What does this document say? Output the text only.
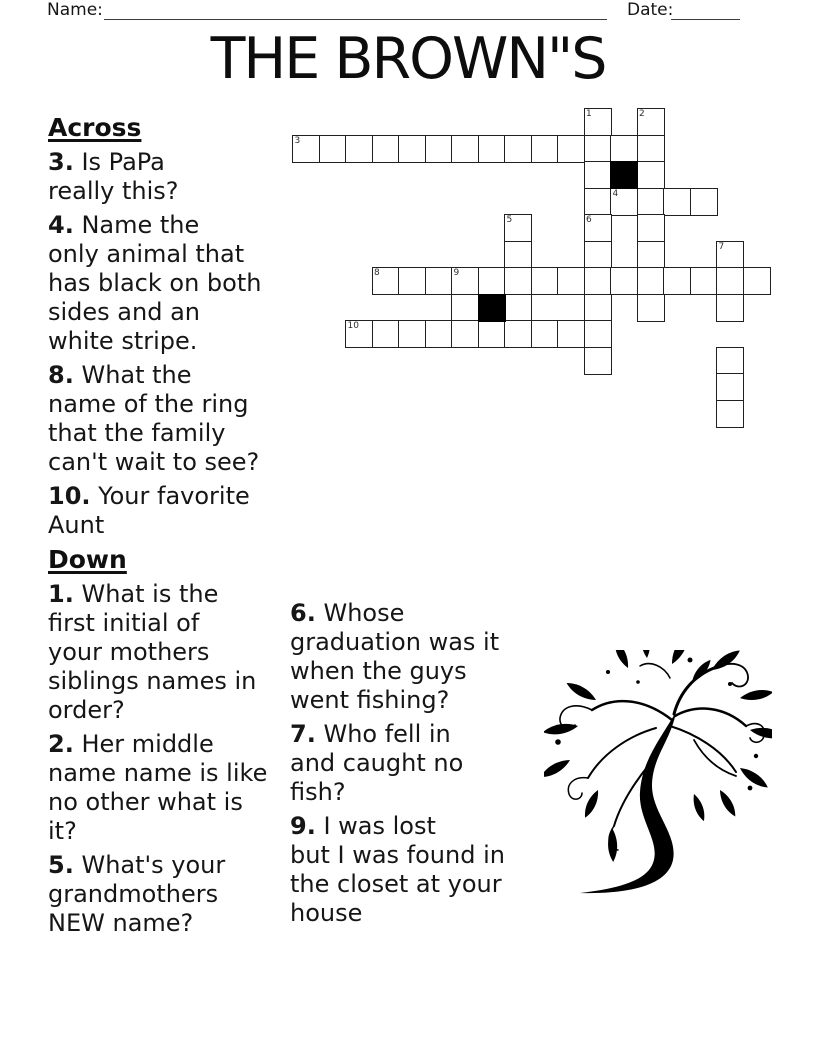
Name:	Date:
THE BROWN"S
1	2
3
4
5	6
7
8	9
10
Across

3. Is PaPa
really this?

4. Name the
only animal that
has black on both
sides and an
white stripe.

8. What the
name of the ring
that the family
can't wait to see?

10. Your favorite
Aunt

Down

1. What is the
first initial of
your mothers
siblings names in
order?

2. Her middle
name name is like
no other what is
it?

5. What's your
grandmothers
NEW name?

6. Whose
graduation was it
when the guys
went fishing?

7. Who fell in
and caught no
fish?

9. I was lost
but I was found in
the closet at your
house
